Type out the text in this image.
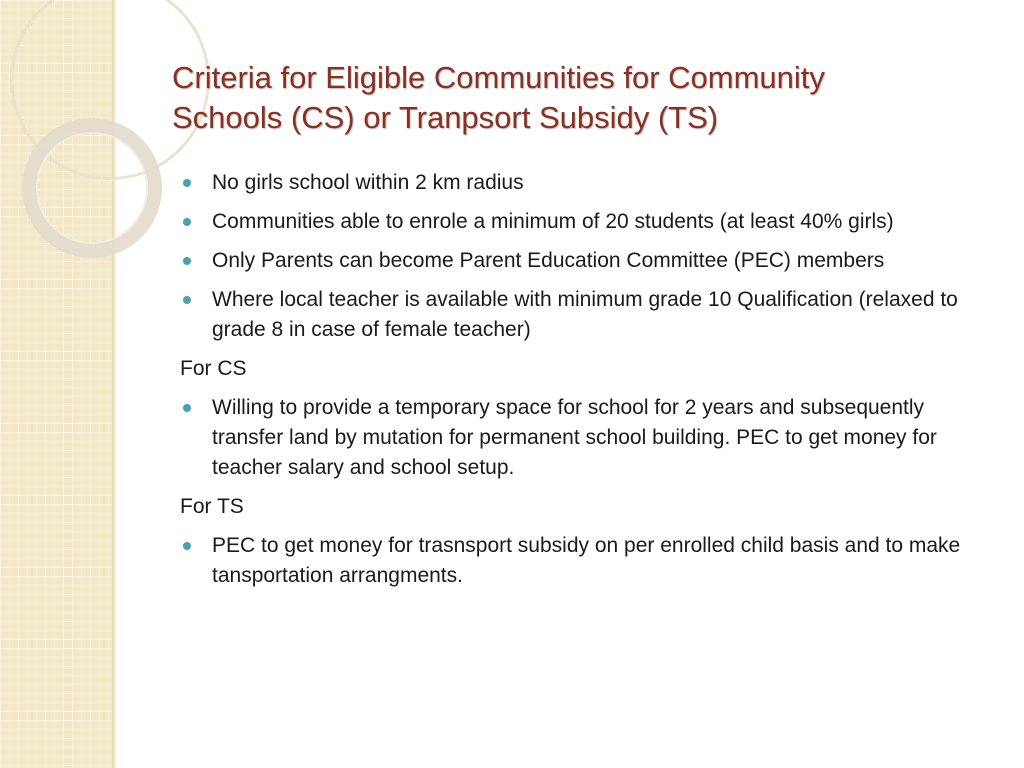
Criteria for Eligible Communities for Community
Schools (CS) or Tranpsort Subsidy (TS)
No girls school within 2 km radius
Communities able to enrole a minimum of 20 students (at least 40% girls)
Only Parents can become Parent Education Committee (PEC) members
Where local teacher is available with minimum grade 10 Qualification (relaxed to grade 8 in case of female teacher)
For CS
Willing to provide a temporary space for school for 2 years and subsequently transfer land by mutation for permanent school building. PEC to get money for teacher salary and school setup.
For TS
PEC to get money for trasnsport subsidy on per enrolled child basis and to make tansportation arrangments.
